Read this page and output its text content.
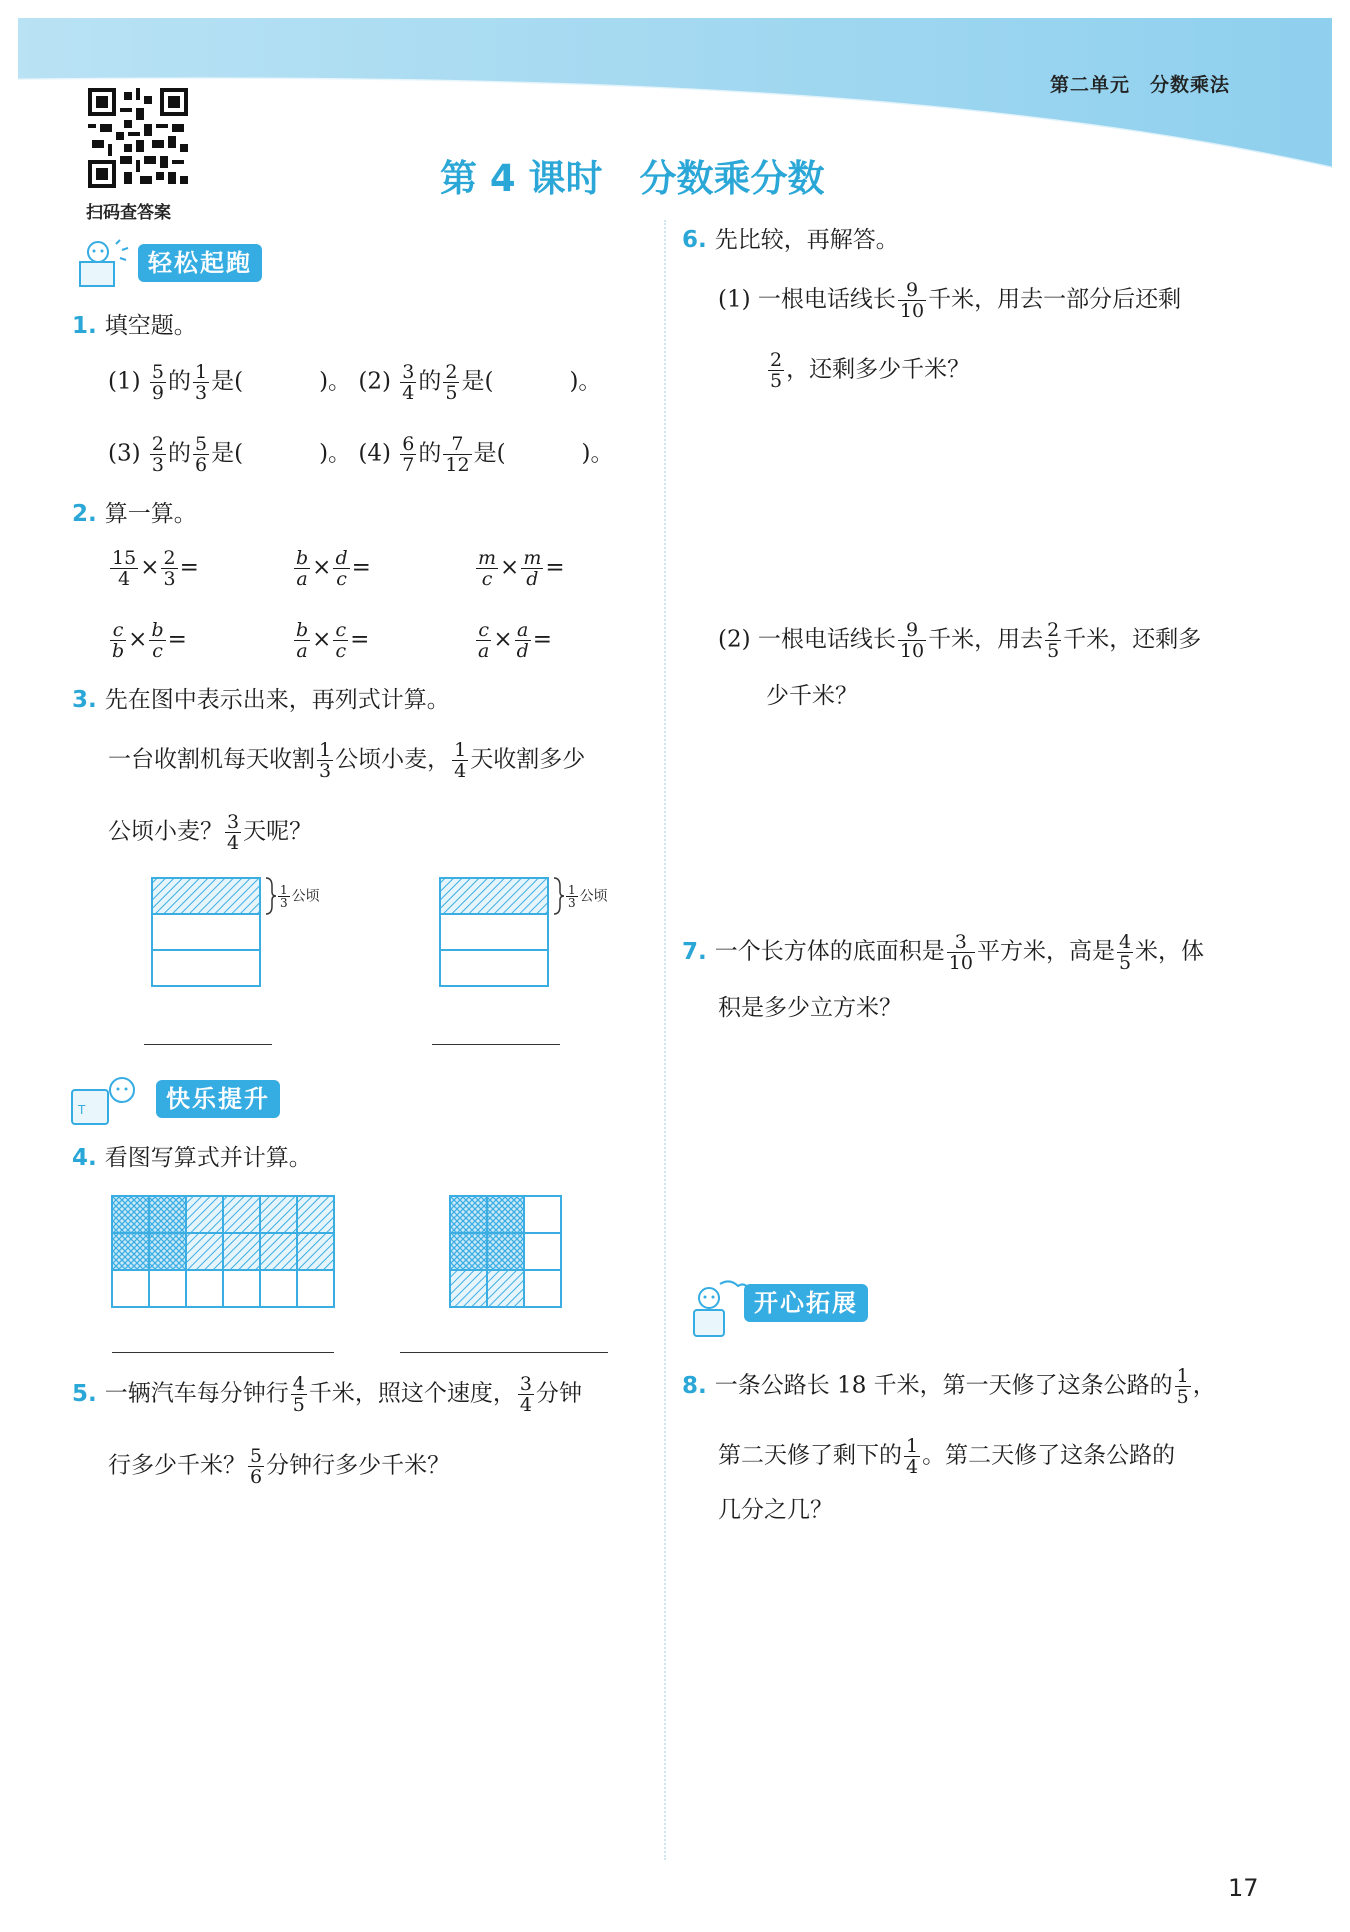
第二单元　分数乘法
扫码查答案
第 4 课时　分数乘分数
轻松起跑
1. 填空题。
$(1) \frac{5}{9}$ 的 $\frac{1}{3}$ 是(	)。 $(2) \frac{3}{4}$ 的 $\frac{2}{5}$ 是(	)。
$(3) \frac{2}{3}$ 的 $\frac{5}{6}$ 是(	)。 $(4) \frac{6}{7}$ 的 $\frac{7}{12}$ 是(	)。
2. 算一算。
$\frac{15}{4} \times \frac{2}{3}$ =	$\frac{b}{a} \times \frac{d}{c}$ =	$\frac{m}{c} \times \frac{m}{d}$ =
$\frac{c}{b} \times \frac{b}{c}$ =	$\frac{b}{a} \times \frac{c}{c}$ =	$\frac{c}{a} \times \frac{a}{d}$ =
3. 先在图中表示出来，再列式计算。
一台收割机每天收割 $\frac{1}{3}$ 公顷小麦， $\frac{1}{4}$ 天收割多少
公顷小麦？ $\frac{3}{4}$ 天呢？
$\frac{1}{3}$ 公顷	$\frac{1}{3}$ 公顷
T	快乐提升
4. 看图写算式并计算。
5. 一辆汽车每分钟行 $\frac{4}{5}$ 千米，照这个速度， $\frac{3}{4}$ 分钟
行多少千米？ $\frac{5}{6}$ 分钟行多少千米？
6. 先比较，再解答。
(1) 一根电话线长 $\frac{9}{10}$ 千米，用去一部分后还剩
$\frac{2}{5}$ ，还剩多少千米？
(2) 一根电话线长 $\frac{9}{10}$ 千米，用去 $\frac{2}{5}$ 千米，还剩多
少千米？
7. 一个长方体的底面积是 $\frac{3}{10}$ 平方米，高是 $\frac{4}{5}$ 米，体
积是多少立方米？
开心拓展
8. 一条公路长 18 千米，第一天修了这条公路的 $\frac{1}{5}$ ，
第二天修了剩下的 $\frac{1}{4}$ 。第二天修了这条公路的
几分之几？
17
